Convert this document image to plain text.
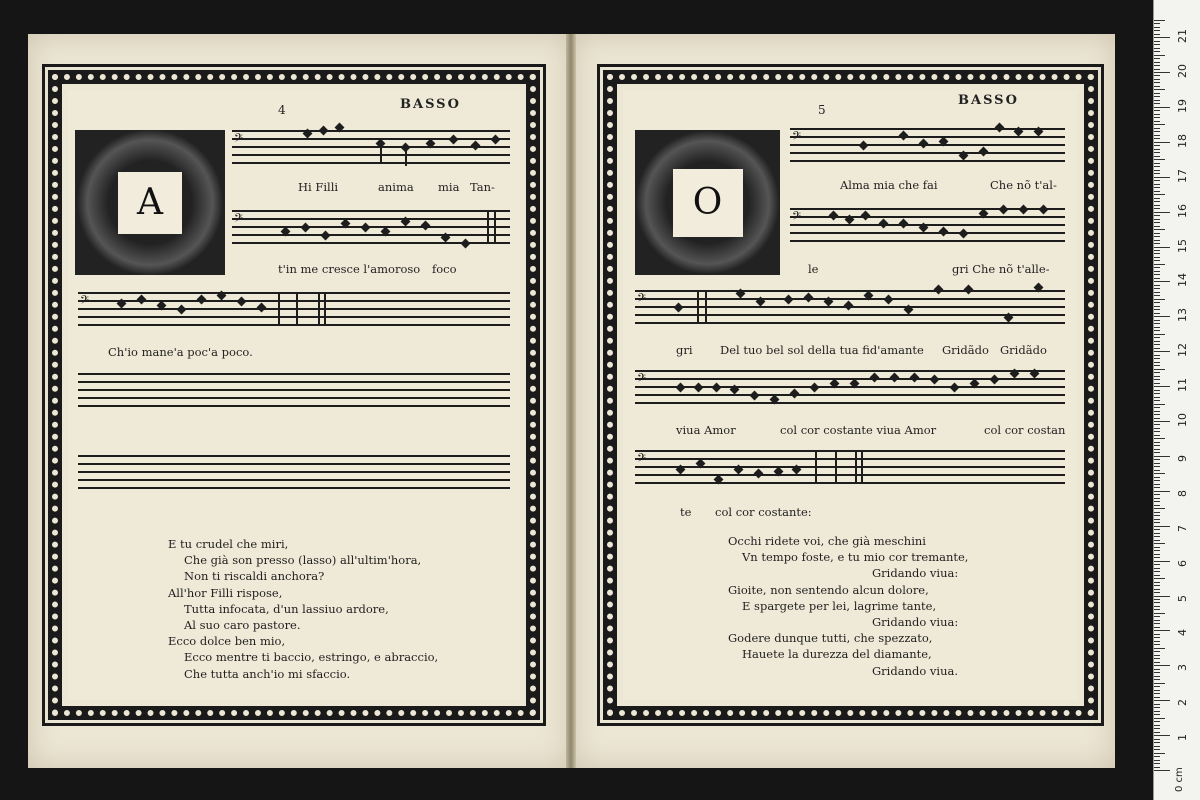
4	BASSO	5
BASSO
A	O
𝄢
𝄢
𝄢
Hi Filli	anima mia Tan-
t'in me cresce l'amoroso foco
Ch'io mane'a poc'a poco.
E tu crudel che miri,
Che già son presso (lasso) all'ultim'hora,
Non ti riscaldi anchora?
All'hor Filli rispose,
Tutta infocata, d'un lassiuo ardore,
Al suo caro pastore.
Ecco dolce ben mio,
Ecco mentre ti baccio, estringo, e abraccio,
Che tutta anch'io mi sfaccio.
𝄢
𝄢
𝄢
𝄢
𝄢
Alma mia che fai	Che nõ t'al-
le	gri Che nõ t'alle-
gri Del tuo bel sol della tua fid'amante Gridãdo Gridãdo
viua Amor	col cor costante viua Amor	col cor costan
te col cor costante:
Occhi ridete voi, che già meschini
Vn tempo foste, e tu mio cor tremante,
Gridando viua:
Gioite, non sentendo alcun dolore,
E spargete per lei, lagrime tante,
Gridando viua:
Godere dunque tutti, che spezzato,
Hauete la durezza del diamante,
Gridando viua.
1
2
3
4
5
6
7
8
9
10
11
12
13
14
15
16
17
18
19
20
21
0 cm
